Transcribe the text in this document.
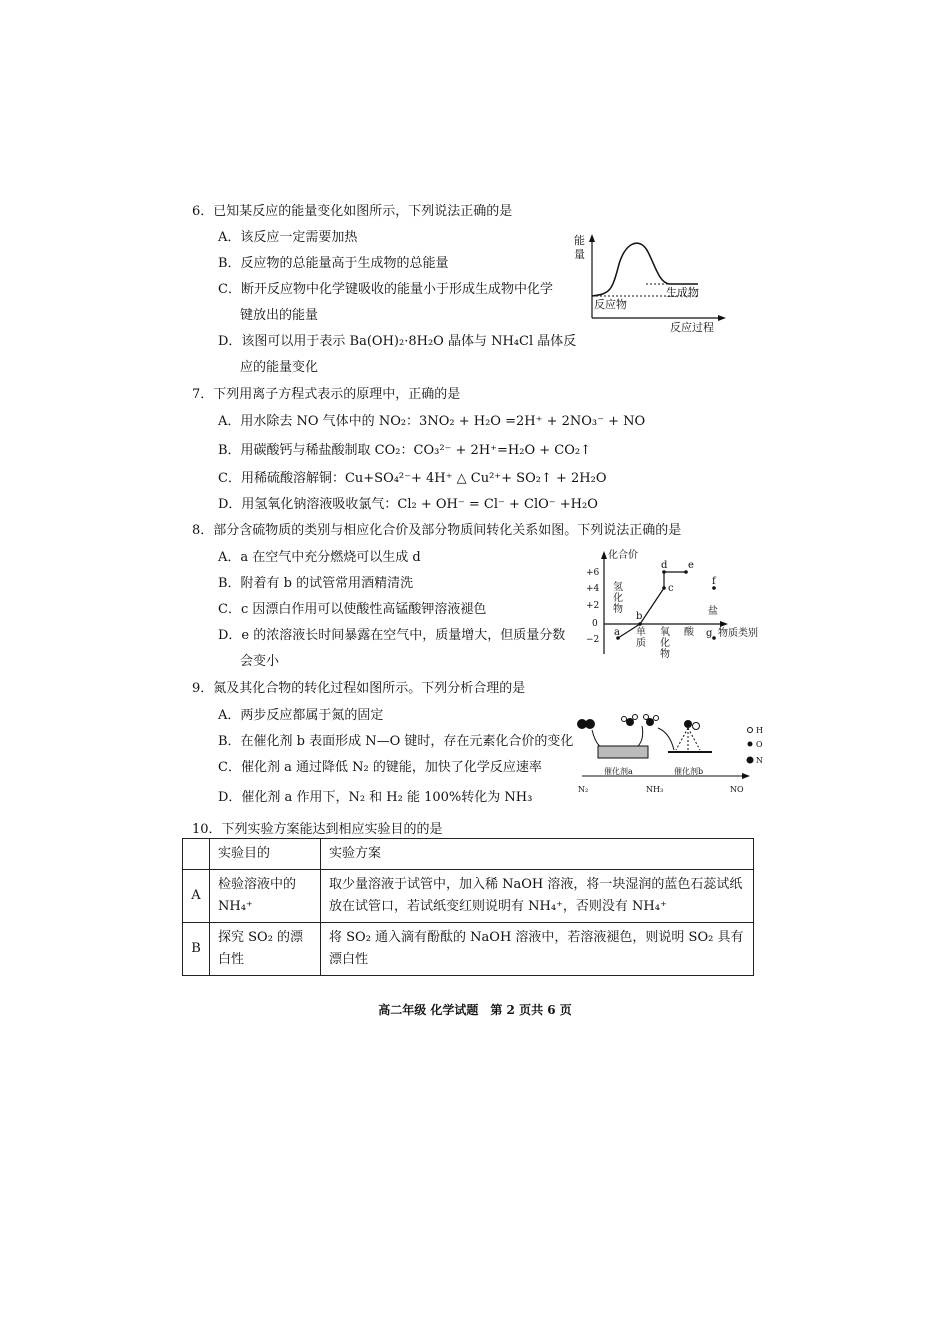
6．已知某反应的能量变化如图所示，下列说法正确的是
A．该反应一定需要加热
B．反应物的总能量高于生成物的总能量
C．断开反应物中化学键吸收的能量小于形成生成物中化学
键放出的能量
D．该图可以用于表示 Ba(OH)₂·8H₂O 晶体与 NH₄Cl 晶体反
应的能量变化
能
量
反应物
生成物
反应过程
7．下列用离子方程式表示的原理中，正确的是
A．用水除去 NO 气体中的 NO₂：3NO₂ + H₂O =2H⁺ + 2NO₃⁻ + NO
B．用碳酸钙与稀盐酸制取 CO₂：CO₃²⁻ + 2H⁺=H₂O + CO₂↑
C．用稀硫酸溶解铜：Cu+SO₄²⁻+ 4H⁺ △ Cu²⁺+ SO₂↑ + 2H₂O
D．用氢氧化钠溶液吸收氯气：Cl₂ + OH⁻ = Cl⁻ + ClO⁻ +H₂O
8．部分含硫物质的类别与相应化合价及部分物质间转化关系如图。下列说法正确的是
A．a 在空气中充分燃烧可以生成 d
B．附着有 b 的试管常用酒精清洗
C．c 因漂白作用可以使酸性高锰酸钾溶液褪色
D．e 的浓溶液长时间暴露在空气中，质量增大，但质量分数
会变小
化合价
+6
+4
+2
0
−2
氢化物
单质
氧化物
酸
盐
物质类别
a
b
c
d e
f
g
9．氮及其化合物的转化过程如图所示。下列分析合理的是
A．两步反应都属于氮的固定
B．在催化剂 b 表面形成 N—O 键时，存在元素化合价的变化
C．催化剂 a 通过降低 N₂ 的键能，加快了化学反应速率
D．催化剂 a 作用下，N₂ 和 H₂ 能 100%转化为 NH₃
催化剂a	催化剂b
N₂	NH₃	NO
H
O
N
10．下列实验方案能达到相应实验目的的是
	实验目的	实验方案
A	检验溶液中的 NH₄⁺	取少量溶液于试管中，加入稀 NaOH 溶液，将一块湿润的蓝色石蕊试纸放在试管口，若试纸变红则说明有 NH₄⁺，否则没有 NH₄⁺
B	探究 SO₂ 的漂白性	将 SO₂ 通入滴有酚酞的 NaOH 溶液中，若溶液褪色，则说明 SO₂ 具有漂白性
高二年级 化学试题　第 2 页共 6 页
